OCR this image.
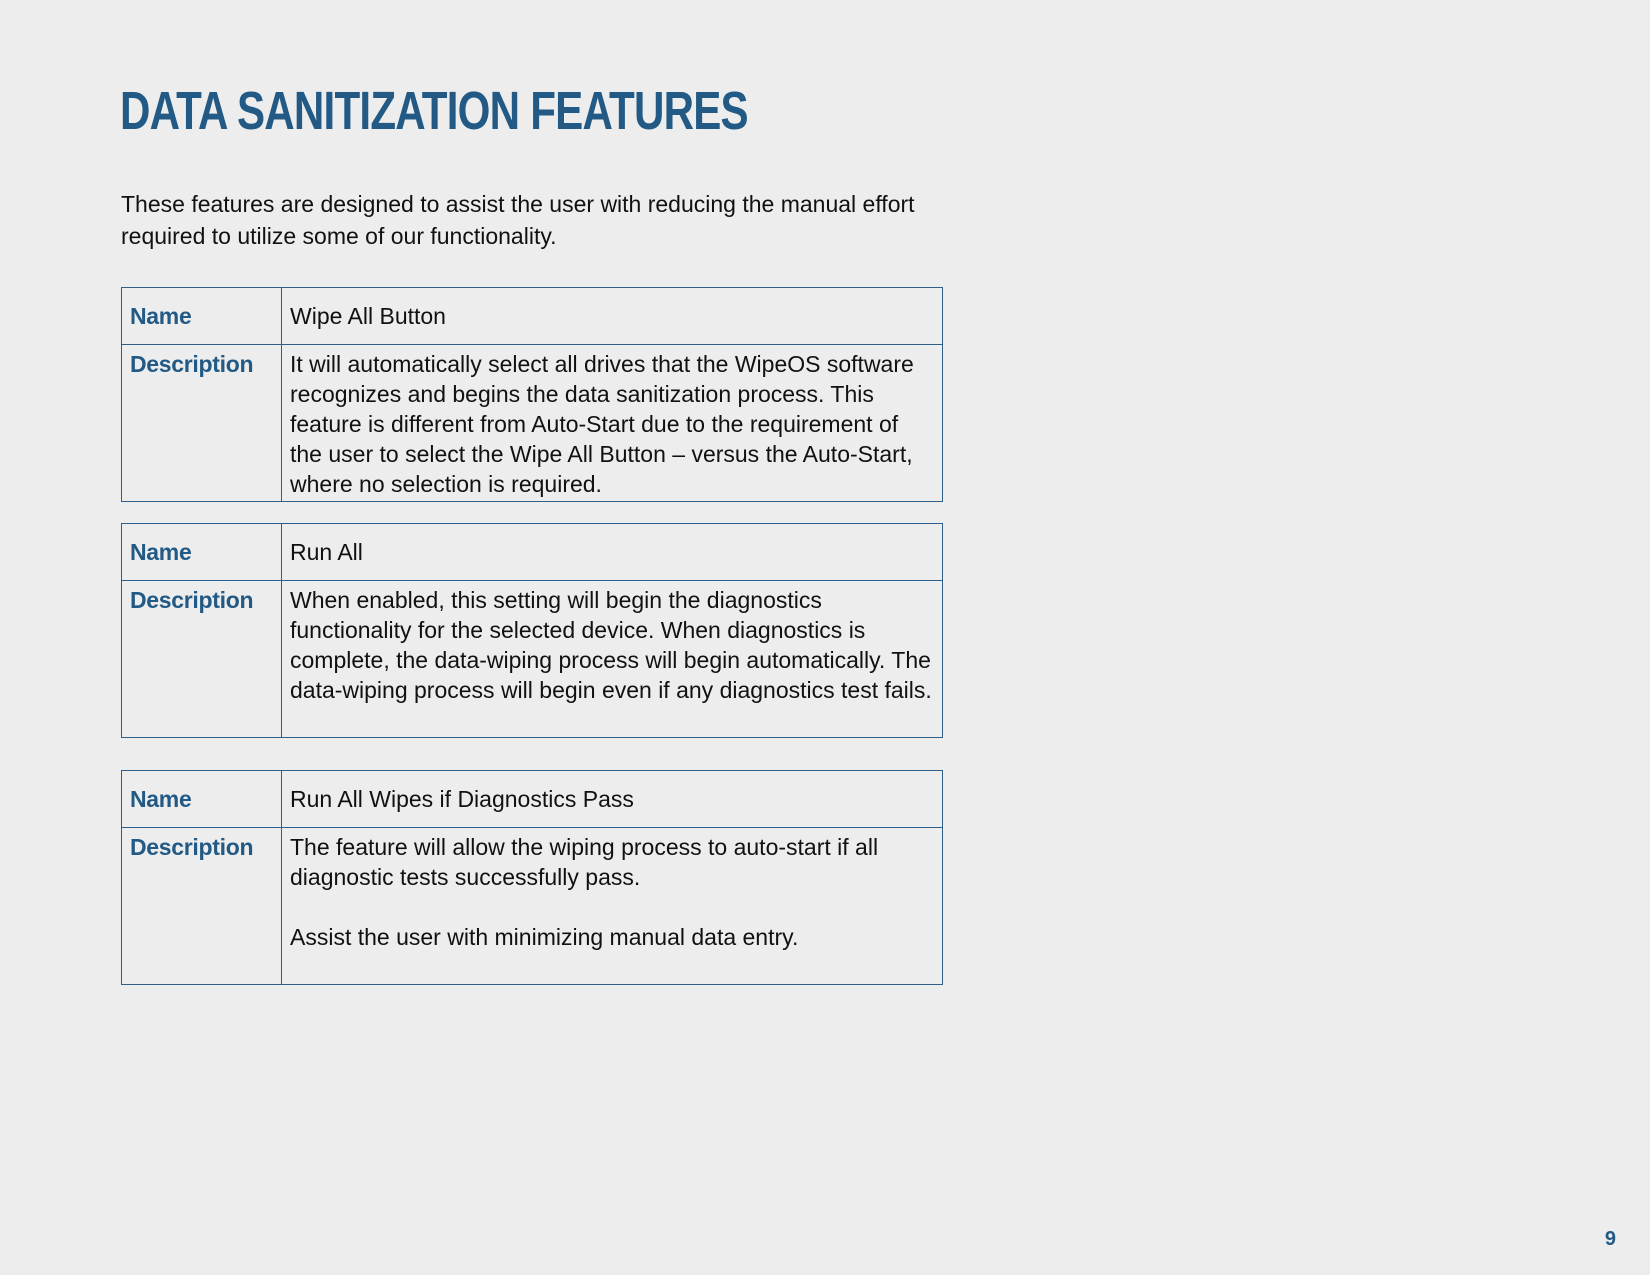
DATA SANITIZATION FEATURES

These features are designed to assist the user with reducing the manual effort required to utilize some of our functionality.

Name	Wipe All Button
Description	It will automatically select all drives that the WipeOS software recognizes and begins the data sanitization process. This feature is different from Auto-Start due to the requirement of the user to select the Wipe All Button – versus the Auto-Start, where no selection is required.

Name	Run All
Description	When enabled, this setting will begin the diagnostics functionality for the selected device. When diagnostics is complete, the data-wiping process will begin automatically. The data-wiping process will begin even if any diagnostics test fails.

Name	Run All Wipes if Diagnostics Pass
Description	The feature will allow the wiping process to auto-start if all diagnostic tests successfully pass.

Assist the user with minimizing manual data entry.

9
